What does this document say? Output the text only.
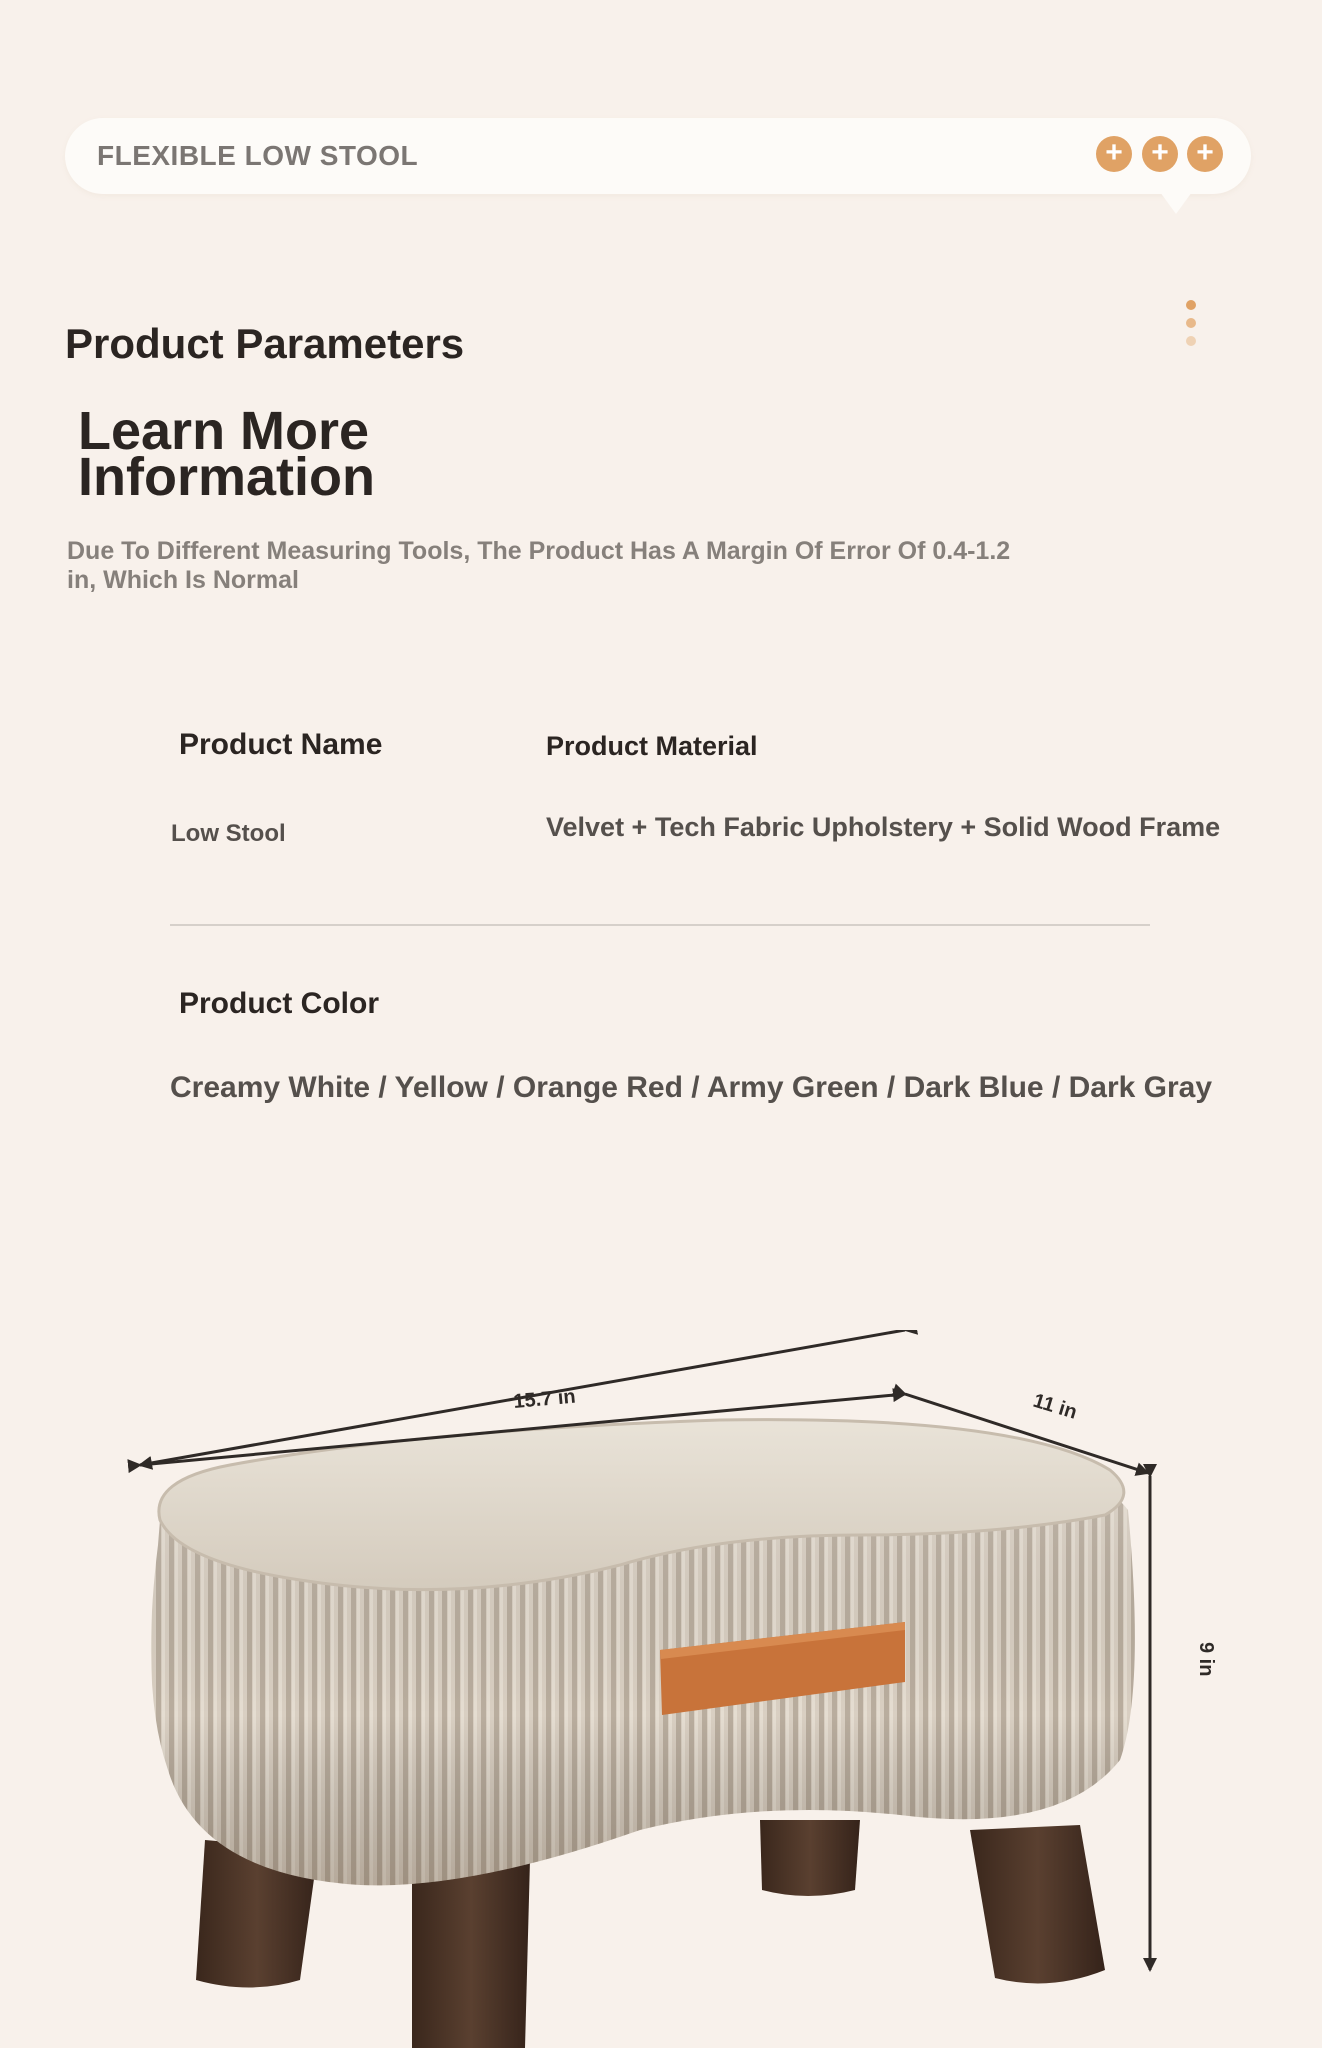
FLEXIBLE LOW STOOL	+ + +
Product Parameters
Learn More Information
Due To Different Measuring Tools, The Product Has A Margin Of Error Of 0.4-1.2 in, Which Is Normal
Product Name
Low Stool
Product Material
Velvet + Tech Fabric Upholstery + Solid Wood Frame
Product Color
Creamy White / Yellow / Orange Red / Army Green / Dark Blue / Dark Gray
15.7 in	11 in
9 in
